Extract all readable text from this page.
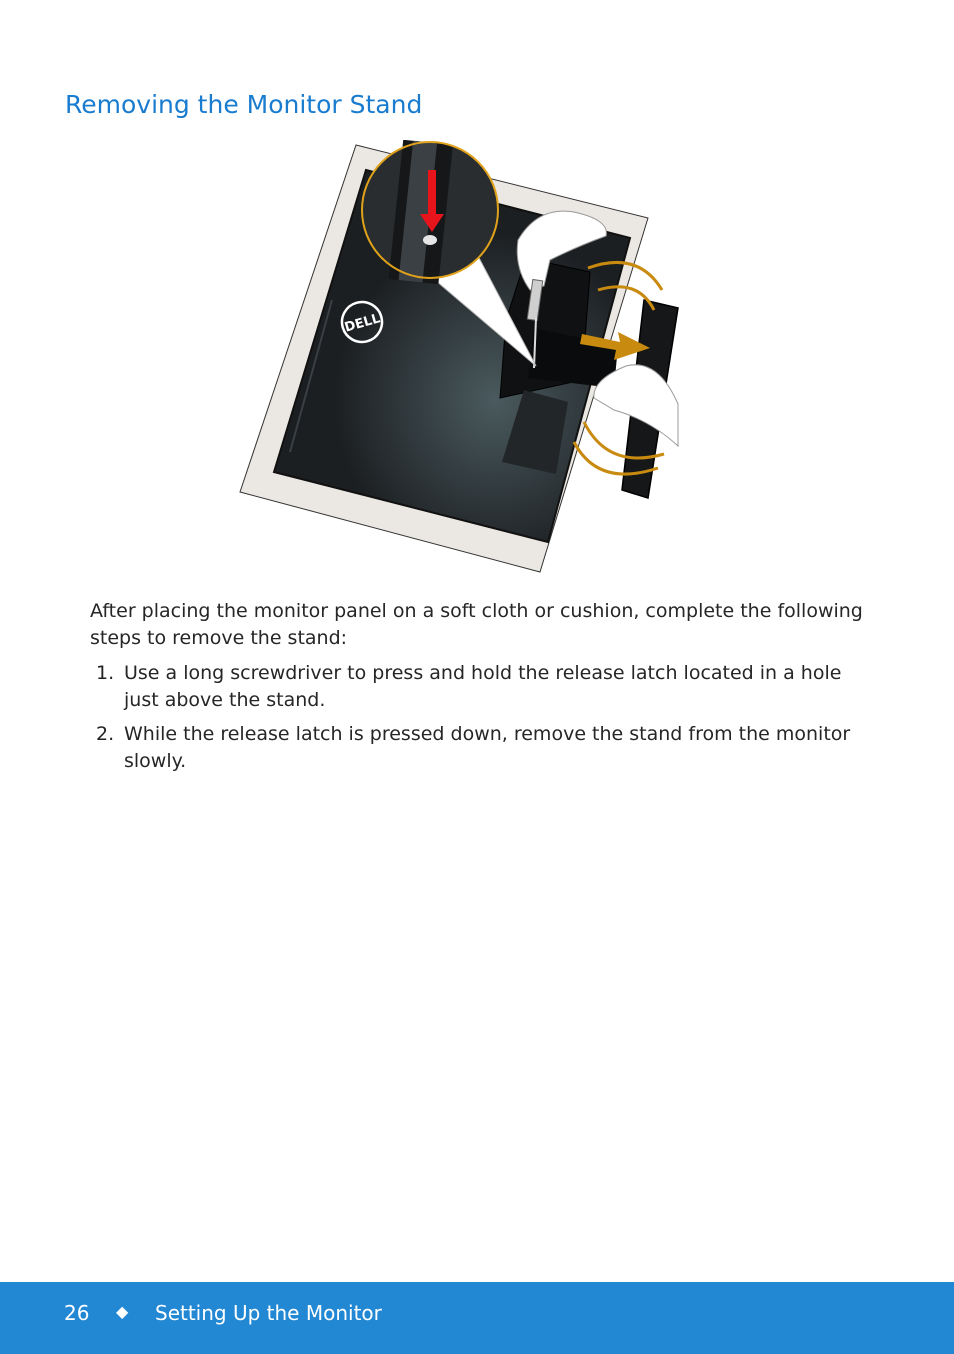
Removing the Monitor Stand
DELL

After placing the monitor panel on a soft cloth or cushion, complete the following steps to remove the stand:

1. Use a long screwdriver to press and hold the release latch located in a hole just above the stand.
2. While the release latch is pressed down, remove the stand from the monitor slowly.
26 ◆ Setting Up the Monitor
